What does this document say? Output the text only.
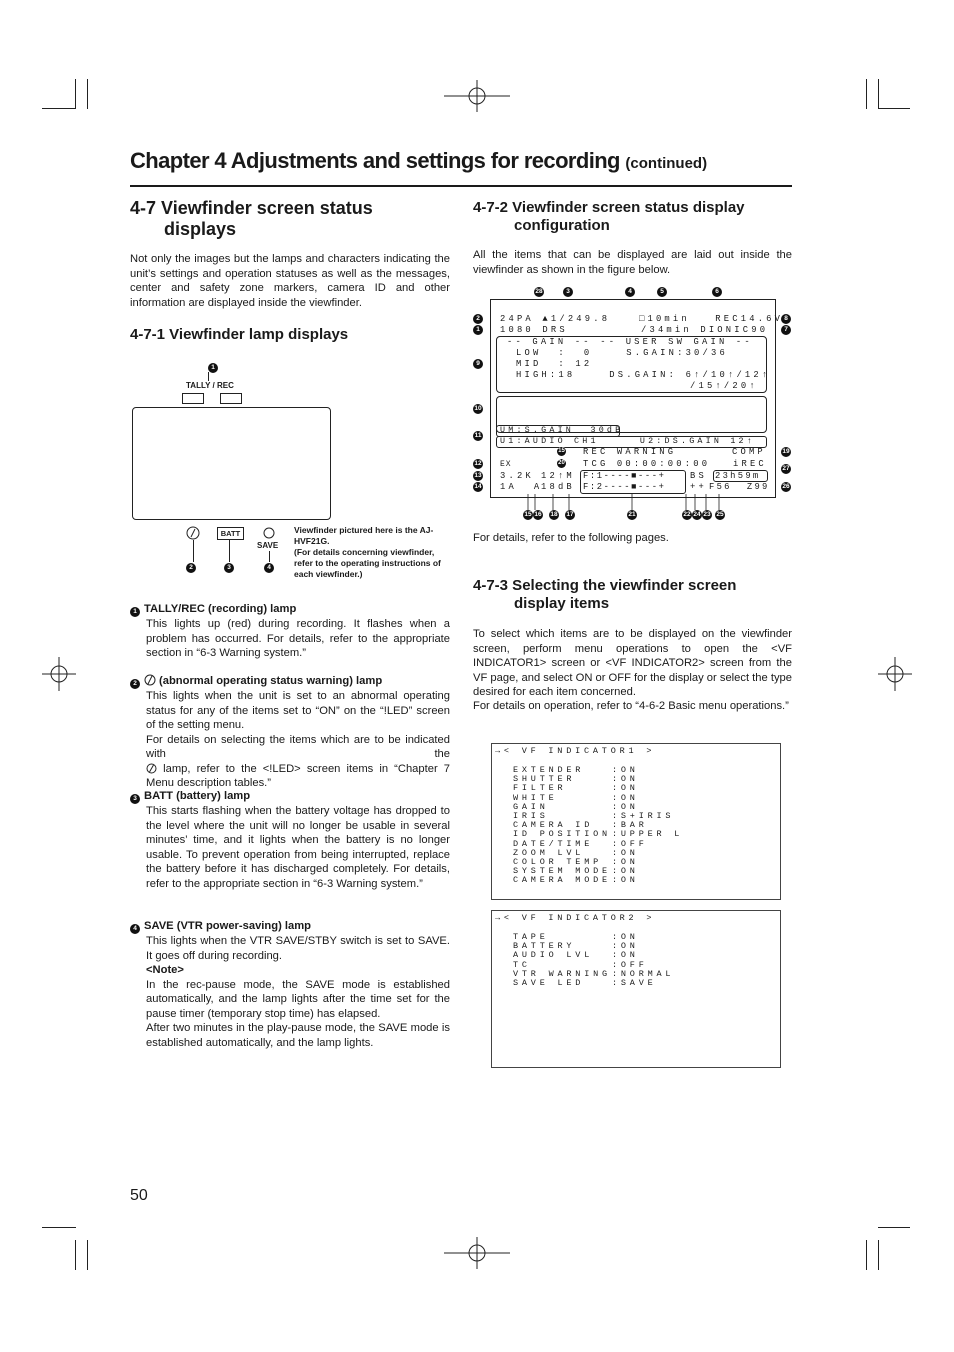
Chapter 4 Adjustments and settings for recording (continued)
4-7 Viewfinder screen status
displays
Not only the images but the lamps and characters indicating the unit’s settings and operation statuses as well as the messages, center and safety zone markers, camera ID and other information are displayed inside the viewfinder.
4-7-1 Viewfinder lamp displays
1
TALLY / REC
BATT
SAVE
2	3	4
Viewfinder pictured here is the AJ-HVF21G.
(For details concerning viewfinder, refer to the operating instructions of each viewfinder.)
1 TALLY/REC (recording) lamp
This lights up (red) during recording. It flashes when a problem has occurred. For details, refer to the appropriate section in “6-3 Warning system.”
2 (abnormal operating status warning) lamp
This lights when the unit is set to an abnormal operating status for any of the items set to “ON” on the “!LED” screen of the setting menu.
For details on selecting the items which are to be indicated with the
lamp, refer to the <!LED> screen items in “Chapter 7 Menu description tables.”
3 BATT (battery) lamp
This starts flashing when the battery voltage has dropped to the level where the unit will no longer be usable in several minutes’ time, and it lights when the battery is no longer usable. To prevent operation from being interrupted, replace the battery before it has discharged completely. For details, refer to the appropriate section in “6-3 Warning system.”
4 SAVE (VTR power-saving) lamp
This lights when the VTR SAVE/STBY switch is set to SAVE. It goes off during recording.
<Note>
In the rec-pause mode, the SAVE mode is established automatically, and the lamp lights after the time set for the pause timer (temporary stop time) has elapsed.
After two minutes in the play-pause mode, the SAVE mode is established automatically, and the lamp lights.
50
4-7-2 Viewfinder screen status display
configuration
All the items that can be displayed are laid out inside the viewfinder as shown in the figure below.
28	3	4	5	6
2
1
9
10
11
12
13
14
8
7
19
27
26
24PA ▲1/249.8	□10min   REC14.6V
1080 DRS	/34min DIONIC90
-- GAIN -- -- USER SW GAIN --
LOW  :  0    S.GAIN:30/36
MID  : 12
HIGH:18    DS.GAIN: 6↑/10↑/12↑
/15↑/20↑
UM:S.GAIN  30dB
U1:AUDIO CH1     U2:DS.GAIN 12↑
15 REC WARNING	COMP
EX	20 TCG 00:00:00:00	iREC
3.2K 12↑M F:1----■---+	BS 23h59m
1A  A
18dB F:2----■---+	++ F56  Z99
15 16 18 17	21	22 24 23 25
For details, refer to the following pages.
4-7-3 Selecting the viewfinder screen
display items
To select which items are to be displayed on the viewfinder screen, perform menu operations to open the <VF INDICATOR1> screen or <VF INDICATOR2> screen from the VF page, and select ON or OFF for the display or select the type desired for each item concerned.
For details on operation, refer to “4-6-2 Basic menu operations.”
→< VF INDICATOR1 >
EXTENDER	:ON
SHUTTER	:ON
FILTER	:ON
WHITE	:ON
GAIN	:ON
IRIS	:S+IRIS
CAMERA ID :BAR
ID POSITION:UPPER L
DATE/TIME :OFF
ZOOM LVL	:ON
COLOR TEMP :ON
SYSTEM MODE:ON
CAMERA MODE:ON
→< VF INDICATOR2 >
TAPE	:ON
BATTERY	:ON
AUDIO LVL :ON
TC	:OFF
VTR WARNING:NORMAL
SAVE LED	:SAVE
